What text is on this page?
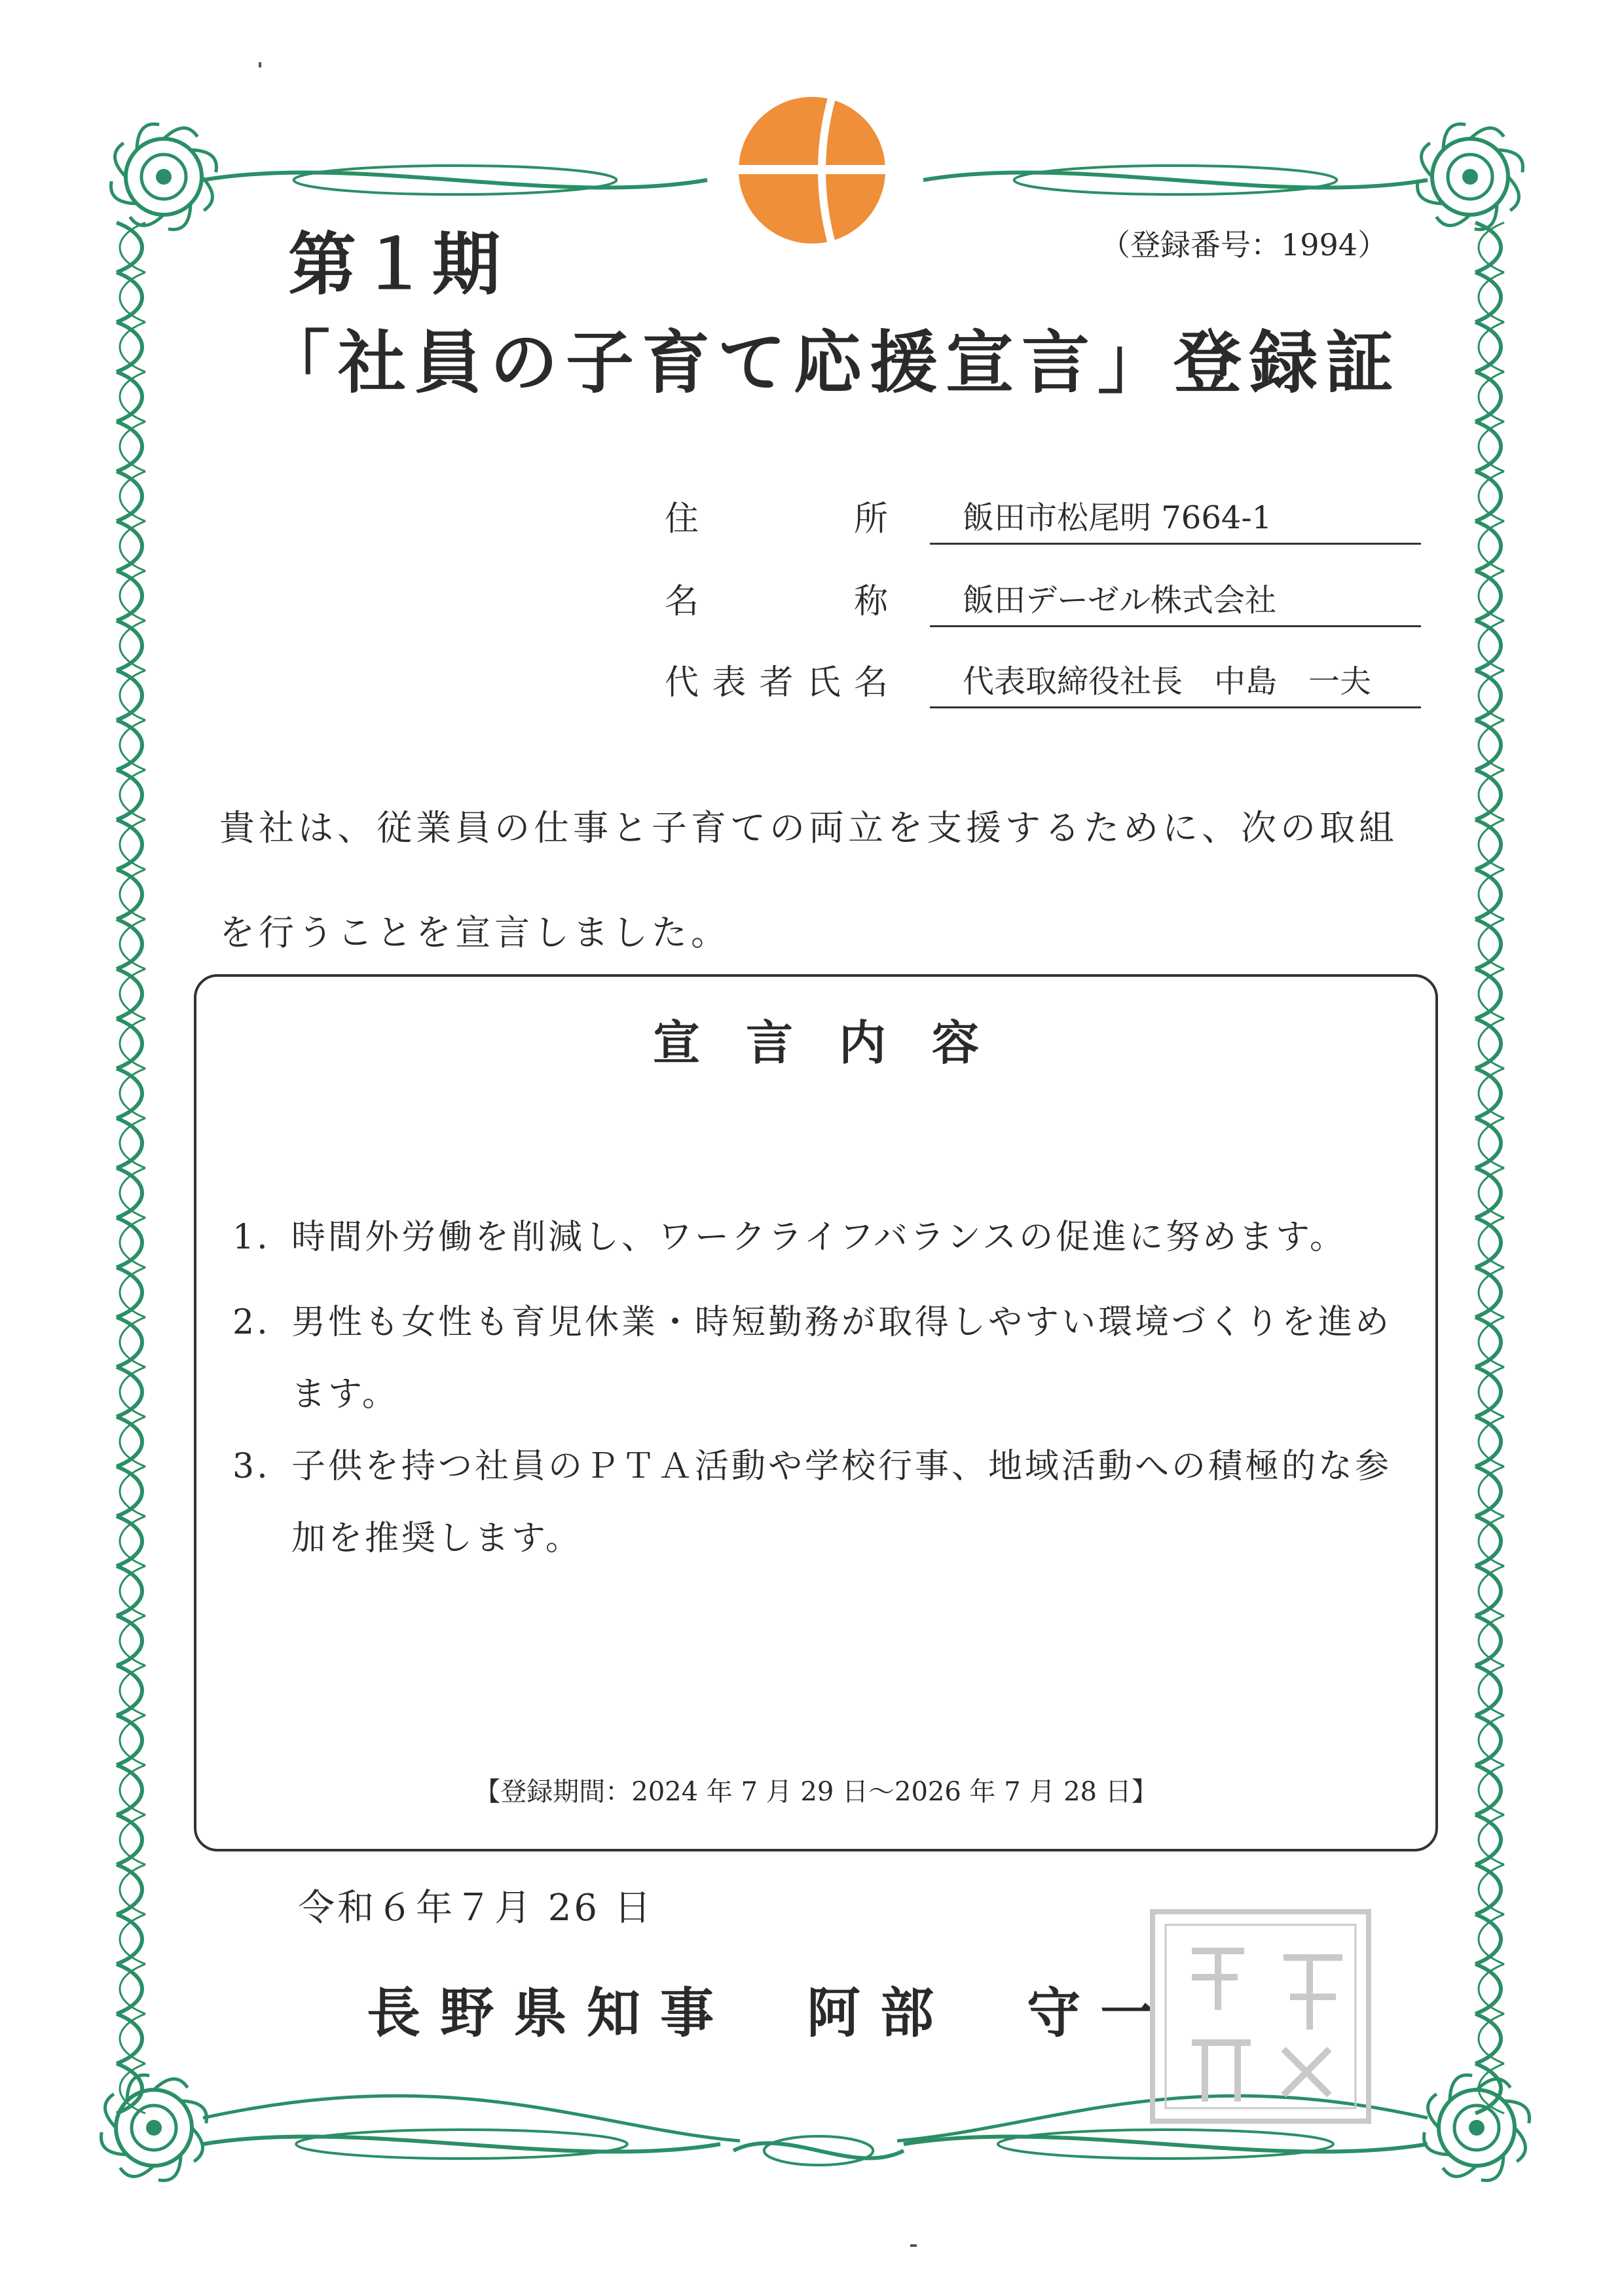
第１期	（登録番号：1994）
「社員の子育て応援宣言」登録証
住	所	飯田市松尾明 7664-1
名	称	飯田デーゼル株式会社
代 表 者 氏 名	代表取締役社長　中島　一夫
貴社は、従業員の仕事と子育ての両立を支援するために、次の取組を行うことを宣言しました。
宣言内容
1. 時間外労働を削減し、ワークライフバランスの促進に努めます。
2. 男性も女性も育児休業・時短勤務が取得しやすい環境づくりを進めます。
3. 子供を持つ社員のＰＴＡ活動や学校行事、地域活動への積極的な参加を推奨します。
【登録期間：2024 年 7 月 29 日～2026 年 7 月 28 日】
令和６年７月 26 日
長野県知事　阿部　守一
